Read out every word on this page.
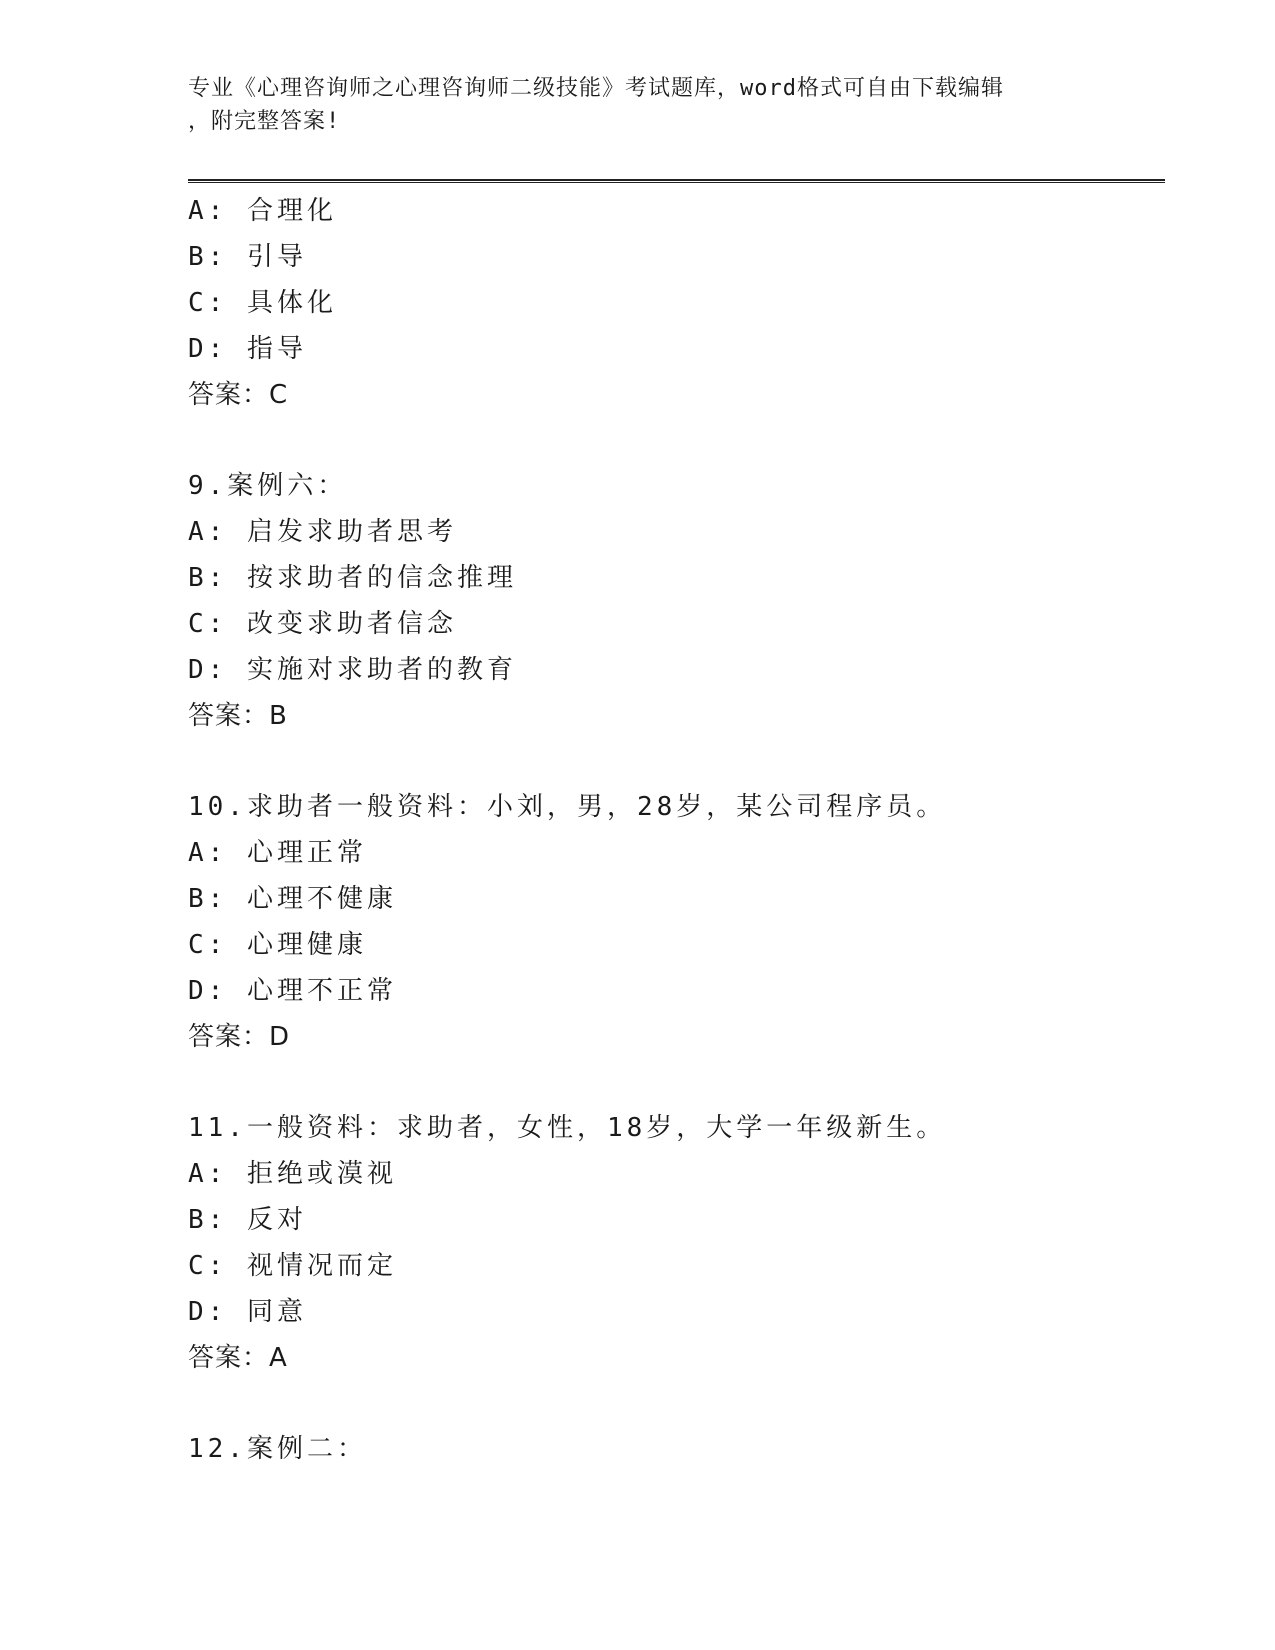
专业《心理咨询师之心理咨询师二级技能》考试题库，word格式可自由下载编辑
，附完整答案!
A: 合理化
B: 引导
C: 具体化
D: 指导
答案：C
9.案例六：
A: 启发求助者思考
B: 按求助者的信念推理
C: 改变求助者信念
D: 实施对求助者的教育
答案：B
10.求助者一般资料：小刘，男，28岁，某公司程序员。
A: 心理正常
B: 心理不健康
C: 心理健康
D: 心理不正常
答案：D
11.一般资料：求助者，女性，18岁，大学一年级新生。
A: 拒绝或漠视
B: 反对
C: 视情况而定
D: 同意
答案：A
12.案例二：
